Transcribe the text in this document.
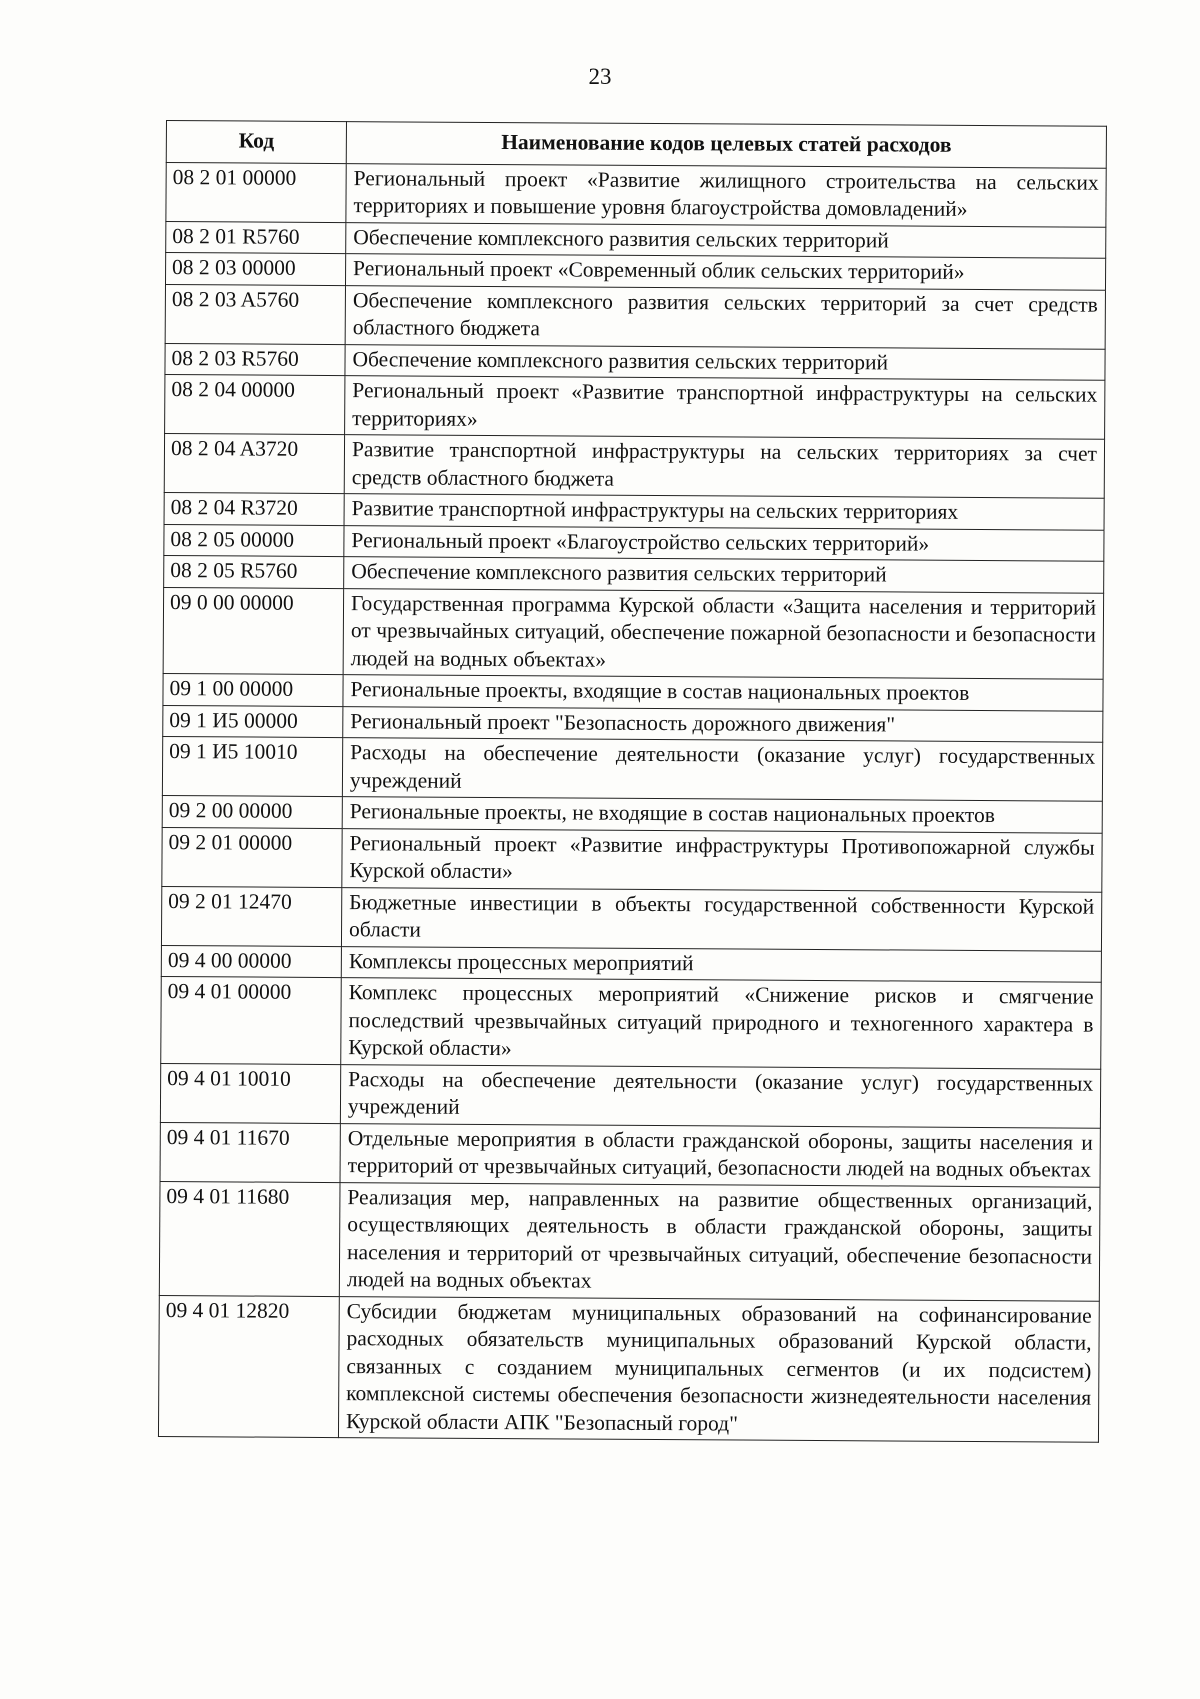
23
Код	Наименование кодов целевых статей расходов
08 2 01 00000	Региональный проект «Развитие жилищного строительства на сельских территориях и повышение уровня благоустройства домовладений»
08 2 01 R5760	Обеспечение комплексного развития сельских территорий
08 2 03 00000	Региональный проект «Современный облик сельских территорий»
08 2 03 A5760	Обеспечение комплексного развития сельских территорий за счет средств областного бюджета
08 2 03 R5760	Обеспечение комплексного развития сельских территорий
08 2 04 00000	Региональный проект «Развитие транспортной инфраструктуры на сельских территориях»
08 2 04 A3720	Развитие транспортной инфраструктуры на сельских территориях за счет средств областного бюджета
08 2 04 R3720	Развитие транспортной инфраструктуры на сельских территориях
08 2 05 00000	Региональный проект «Благоустройство сельских территорий»
08 2 05 R5760	Обеспечение комплексного развития сельских территорий
09 0 00 00000	Государственная программа Курской области «Защита населения и территорий от чрезвычайных ситуаций, обеспечение пожарной безопасности и безопасности людей на водных объектах»
09 1 00 00000	Региональные проекты, входящие в состав национальных проектов
09 1 И5 00000	Региональный проект "Безопасность дорожного движения"
09 1 И5 10010	Расходы на обеспечение деятельности (оказание услуг) государственных учреждений
09 2 00 00000	Региональные проекты, не входящие в состав национальных проектов
09 2 01 00000	Региональный проект «Развитие инфраструктуры Противопожарной службы Курской области»
09 2 01 12470	Бюджетные инвестиции в объекты государственной собственности Курской области
09 4 00 00000	Комплексы процессных мероприятий
09 4 01 00000	Комплекс процессных мероприятий «Снижение рисков и смягчение последствий чрезвычайных ситуаций природного и техногенного характера в Курской области»
09 4 01 10010	Расходы на обеспечение деятельности (оказание услуг) государственных учреждений
09 4 01 11670	Отдельные мероприятия в области гражданской обороны, защиты населения и территорий от чрезвычайных ситуаций, безопасности людей на водных объектах
09 4 01 11680	Реализация мер, направленных на развитие общественных организаций, осуществляющих деятельность в области гражданской обороны, защиты населения и территорий от чрезвычайных ситуаций, обеспечение безопасности людей на водных объектах
09 4 01 12820	Субсидии бюджетам муниципальных образований на софинансирование расходных обязательств муниципальных образований Курской области, связанных с созданием муниципальных сегментов (и их подсистем) комплексной системы обеспечения безопасности жизнедеятельности населения Курской области АПК "Безопасный город"
